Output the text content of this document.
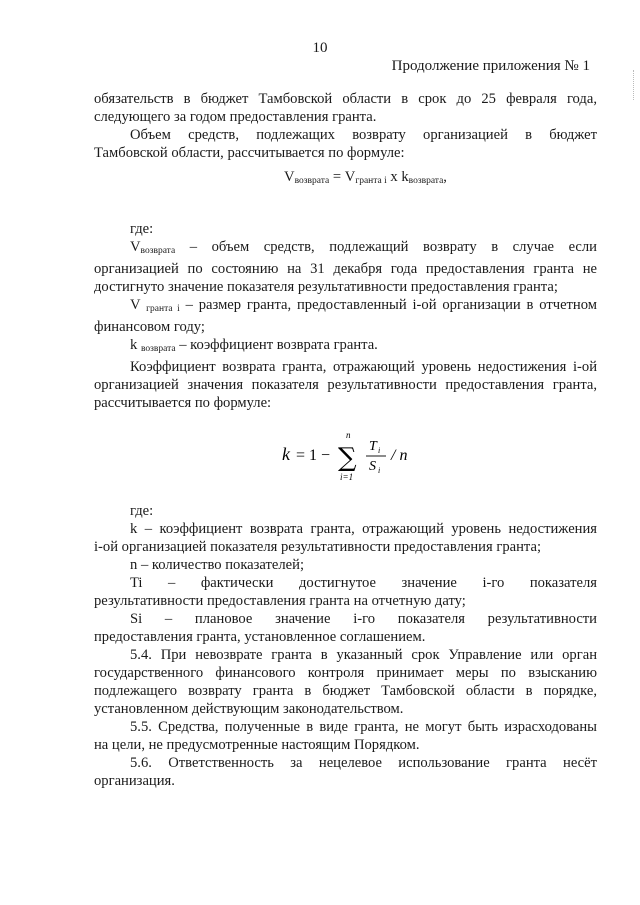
10
Продолжение приложения № 1
обязательств в бюджет Тамбовской области в срок до 25 февраля года,
следующего за годом предоставления гранта.
Объем средств, подлежащих возврату организацией в бюджет
Тамбовской области, рассчитывается по формуле:
$V_{возврата} = V_{гранта i}$ x $k_{возврата}$,
где:
$V_{возврата}$ – объем средств, подлежащий возврату в случае если
организацией по состоянию на 31 декабря года предоставления гранта не
достигнуто значение показателя результативности предоставления гранта;
V $_{гранта i}$ – размер гранта, предоставленный i-ой организации в отчетном
финансовом году;
k $_{возврата}$ – коэффициент возврата гранта.
Коэффициент возврата гранта, отражающий уровень недостижения i-ой
организацией значения показателя результативности предоставления гранта,
рассчитывается по формуле:
k = 1 −
n
∑
i=1
T i
S i
/ n
где:
k – коэффициент возврата гранта, отражающий уровень недостижения
i-ой организацией показателя результативности предоставления гранта;
n – количество показателей;
Ti – фактически достигнутое значение i-го показателя
результативности предоставления гранта на отчетную дату;
Si – плановое значение i-го показателя результативности
предоставления гранта, установленное соглашением.
5.4. При невозврате гранта в указанный срок Управление или орган
государственного финансового контроля принимает меры по взысканию
подлежащего возврату гранта в бюджет Тамбовской области в порядке,
установленном действующим законодательством.
5.5. Средства, полученные в виде гранта, не могут быть израсходованы
на цели, не предусмотренные настоящим Порядком.
5.6. Ответственность за нецелевое использование гранта несёт
организация.
